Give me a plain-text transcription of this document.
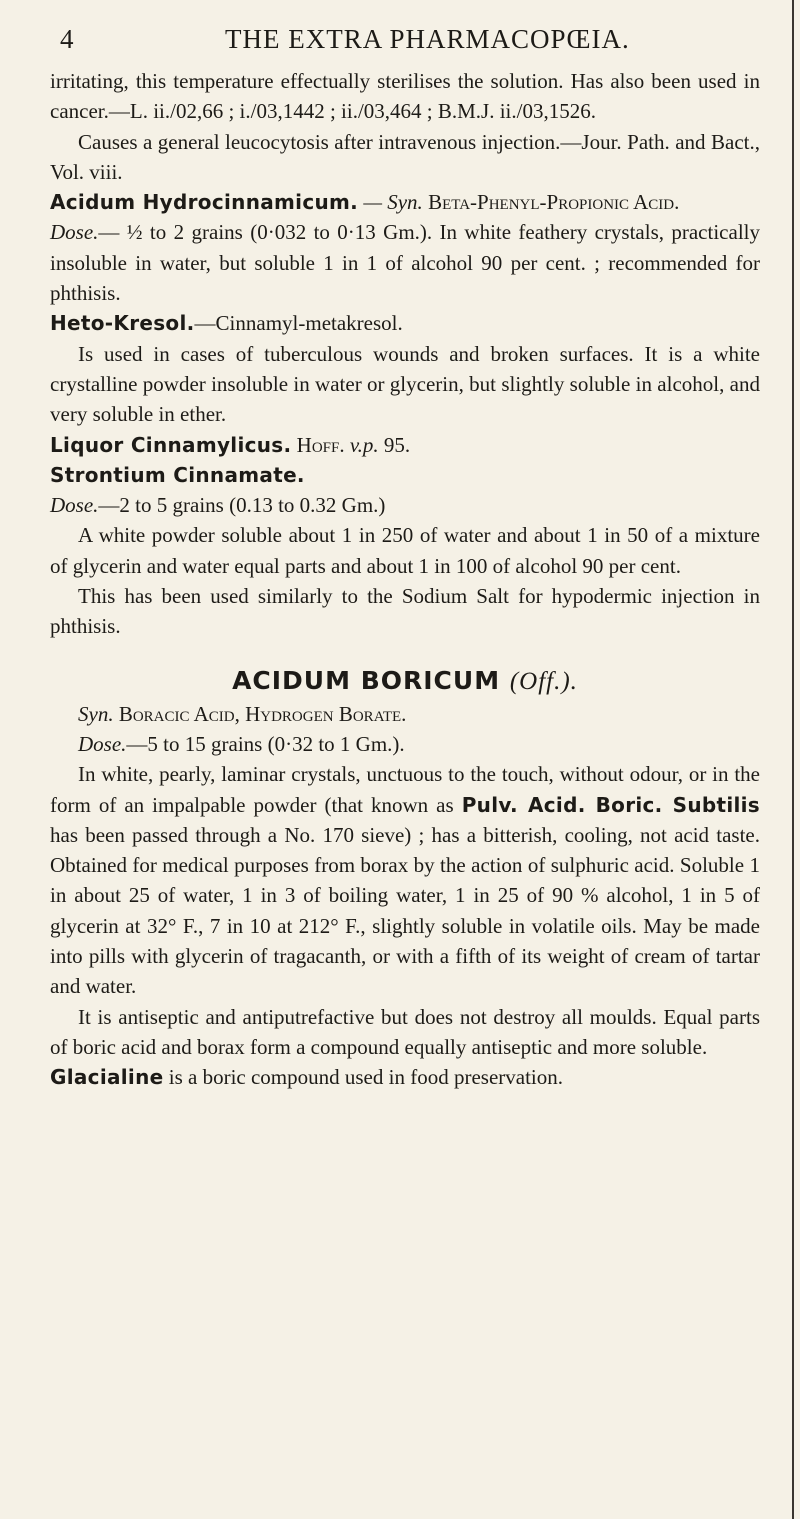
4	THE EXTRA PHARMACOPŒIA.

irritating, this temperature effectually sterilises the solution. Has also been used in cancer.—L. ii./02,66 ; i./03,1442 ; ii./03,464 ; B.M.J. ii./03,1526.

Causes a general leucocytosis after intravenous injection.—Jour. Path. and Bact., Vol. viii.

Acidum Hydrocinnamicum. — Syn. Beta-Phenyl-Propionic Acid.

Dose.— ½ to 2 grains (0·032 to 0·13 Gm.). In white feathery crystals, practically insoluble in water, but soluble 1 in 1 of alcohol 90 per cent. ; recommended for phthisis.

Heto-Kresol.—Cinnamyl-metakresol.

Is used in cases of tuberculous wounds and broken surfaces. It is a white crystalline powder insoluble in water or glycerin, but slightly soluble in alcohol, and very soluble in ether.

Liquor Cinnamylicus. Hoff. v.p. 95.

Strontium Cinnamate.

Dose.—2 to 5 grains (0.13 to 0.32 Gm.)

A white powder soluble about 1 in 250 of water and about 1 in 50 of a mixture of glycerin and water equal parts and about 1 in 100 of alcohol 90 per cent.

This has been used similarly to the Sodium Salt for hypodermic injection in phthisis.

ACIDUM BORICUM (Off.).

Syn. Boracic Acid, Hydrogen Borate.

Dose.—5 to 15 grains (0·32 to 1 Gm.).

In white, pearly, laminar crystals, unctuous to the touch, without odour, or in the form of an impalpable powder (that known as Pulv. Acid. Boric. Subtilis has been passed through a No. 170 sieve) ; has a bitterish, cooling, not acid taste. Obtained for medical purposes from borax by the action of sulphuric acid. Soluble 1 in about 25 of water, 1 in 3 of boiling water, 1 in 25 of 90 % alcohol, 1 in 5 of glycerin at 32° F., 7 in 10 at 212° F., slightly soluble in volatile oils. May be made into pills with glycerin of tragacanth, or with a fifth of its weight of cream of tartar and water.

It is antiseptic and antiputrefactive but does not destroy all moulds. Equal parts of boric acid and borax form a compound equally antiseptic and more soluble.

Glacialine is a boric compound used in food preservation.
